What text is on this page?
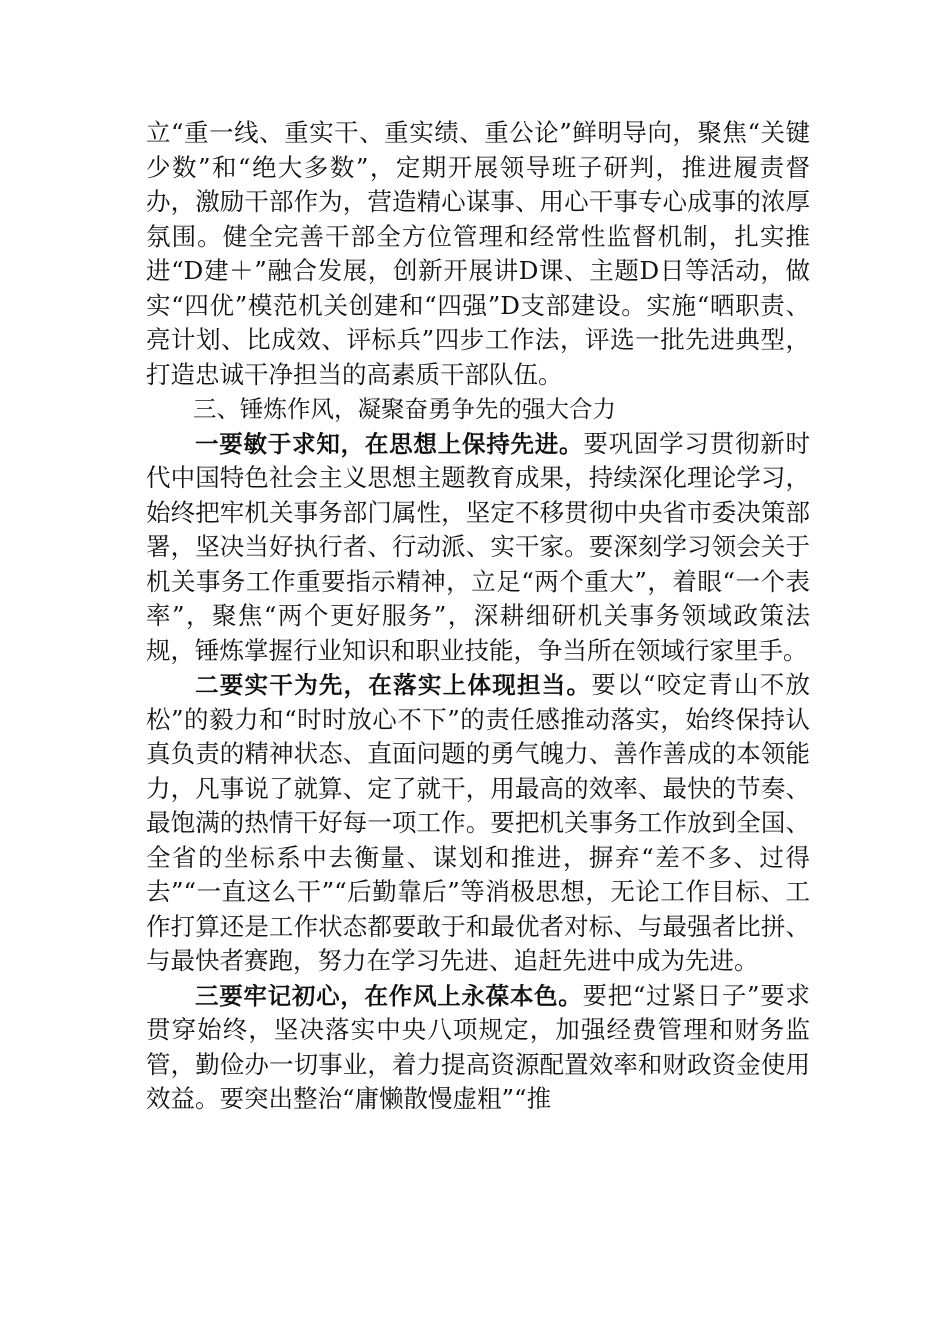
立“重一线、重实干、重实绩、重公论”鲜明导向，聚焦“关键少数”和“绝大多数”，定期开展领导班子研判，推进履责督办，激励干部作为，营造精心谋事、用心干事专心成事的浓厚氛围。健全完善干部全方位管理和经常性监督机制，扎实推进“D建＋”融合发展，创新开展讲D课、主题D日等活动，做实“四优”模范机关创建和“四强”D支部建设。实施“晒职责、亮计划、比成效、评标兵”四步工作法，评选一批先进典型，打造忠诚干净担当的高素质干部队伍。

三、锤炼作风，凝聚奋勇争先的强大合力

一要敏于求知，在思想上保持先进。要巩固学习贯彻新时代中国特色社会主义思想主题教育成果，持续深化理论学习，始终把牢机关事务部门属性，坚定不移贯彻中央省市委决策部署，坚决当好执行者、行动派、实干家。要深刻学习领会关于机关事务工作重要指示精神，立足“两个重大”，着眼“一个表率”，聚焦“两个更好服务”，深耕细研机关事务领域政策法规，锤炼掌握行业知识和职业技能，争当所在领域行家里手。

二要实干为先，在落实上体现担当。要以“咬定青山不放松”的毅力和“时时放心不下”的责任感推动落实，始终保持认真负责的精神状态、直面问题的勇气魄力、善作善成的本领能力，凡事说了就算、定了就干，用最高的效率、最快的节奏、最饱满的热情干好每一项工作。要把机关事务工作放到全国、全省的坐标系中去衡量、谋划和推进，摒弃“差不多、过得去”“一直这么干”“后勤靠后”等消极思想，无论工作目标、工作打算还是工作状态都要敢于和最优者对标、与最强者比拼、与最快者赛跑，努力在学习先进、追赶先进中成为先进。

三要牢记初心，在作风上永葆本色。要把“过紧日子”要求贯穿始终，坚决落实中央八项规定，加强经费管理和财务监管，勤俭办一切事业，着力提高资源配置效率和财政资金使用效益。要突出整治“庸懒散慢虚粗”“推
